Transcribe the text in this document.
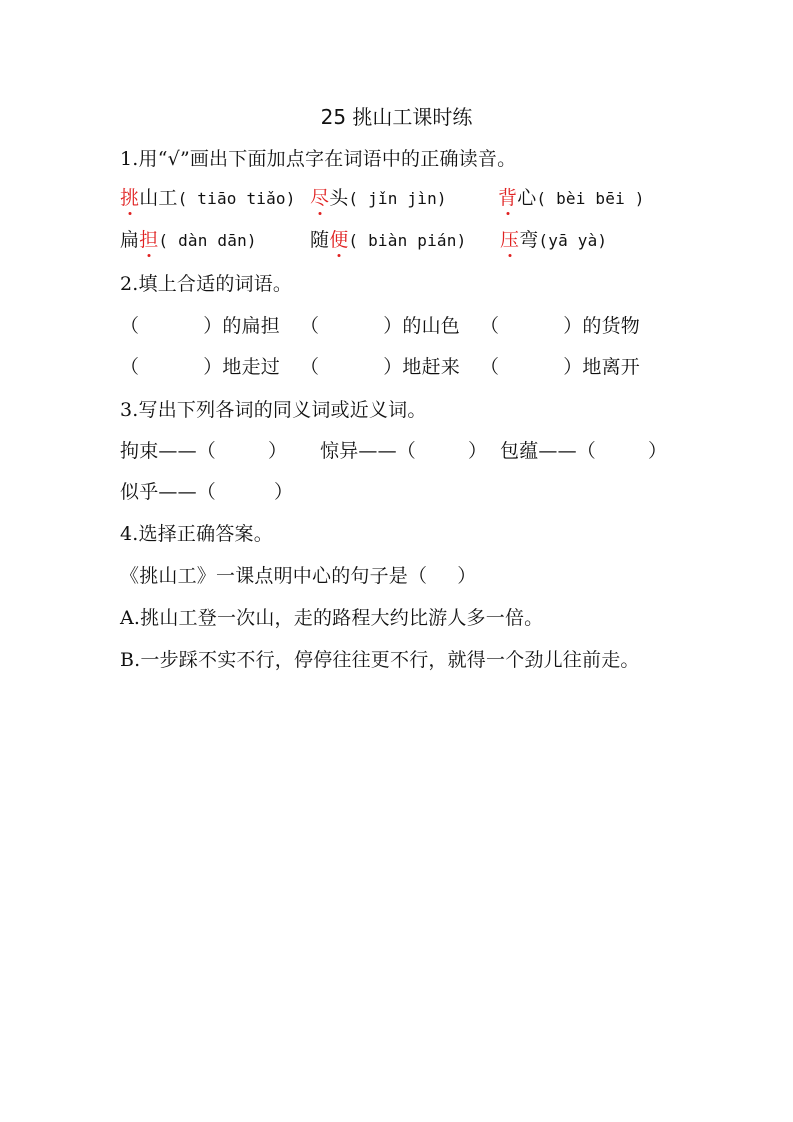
25 挑山工课时练
1.用“√”画出下面加点字在词语中的正确读音。
挑山工( tiāo tiǎo) 尽头( jǐn jìn)	背心( bèi bēi )
扁担( dàn dān)	随便( biàn pián) 压弯(yā yà)
2.填上合适的词语。
（	）的扁担 （	）的山色 （	）的货物
（	）地走过 （	）地赶来 （	）地离开
3.写出下列各词的同义词或近义词。
拘束——（	） 惊异——（	） 包蕴——（	）
似乎——（	）
4.选择正确答案。
《挑山工》一课点明中心的句子是（ ）
A.挑山工登一次山，走的路程大约比游人多一倍。
B.一步踩不实不行，停停往往更不行，就得一个劲儿往前走。
